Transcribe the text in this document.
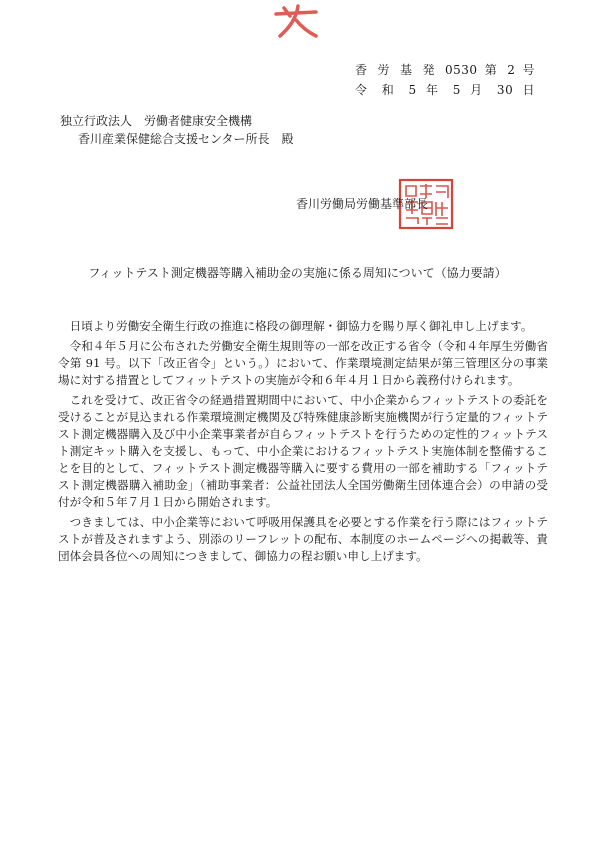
香 労 基 発 0530 第 2 号
令 和 5 年 5 月 30 日
独立行政法人　労働者健康安全機構
香川産業保健総合支援センター所長　殿
香川労働局労働基準部長
フィットテスト測定機器等購入補助金の実施に係る周知について（協力要請）

日頃より労働安全衛生行政の推進に格段の御理解・御協力を賜り厚く御礼申し上げます。

令和４年５月に公布された労働安全衛生規則等の一部を改正する省令（令和４年厚生労働省令第 91 号。以下「改正省令」という。）において、作業環境測定結果が第三管理区分の事業場に対する措置としてフィットテストの実施が令和６年４月１日から義務付けられます。

これを受けて、改正省令の経過措置期間中において、中小企業からフィットテストの委託を受けることが見込まれる作業環境測定機関及び特殊健康診断実施機関が行う定量的フィットテスト測定機器購入及び中小企業事業者が自らフィットテストを行うための定性的フィットテスト測定キット購入を支援し、もって、中小企業におけるフィットテスト実施体制を整備することを目的として、フィットテスト測定機器等購入に要する費用の一部を補助する「フィットテスト測定機器購入補助金」（補助事業者：公益社団法人全国労働衛生団体連合会）の申請の受付が令和５年７月１日から開始されます。

つきましては、中小企業等において呼吸用保護具を必要とする作業を行う際にはフィットテストが普及されますよう、別添のリーフレットの配布、本制度のホームページへの掲載等、貴団体会員各位への周知につきまして、御協力の程お願い申し上げます。
